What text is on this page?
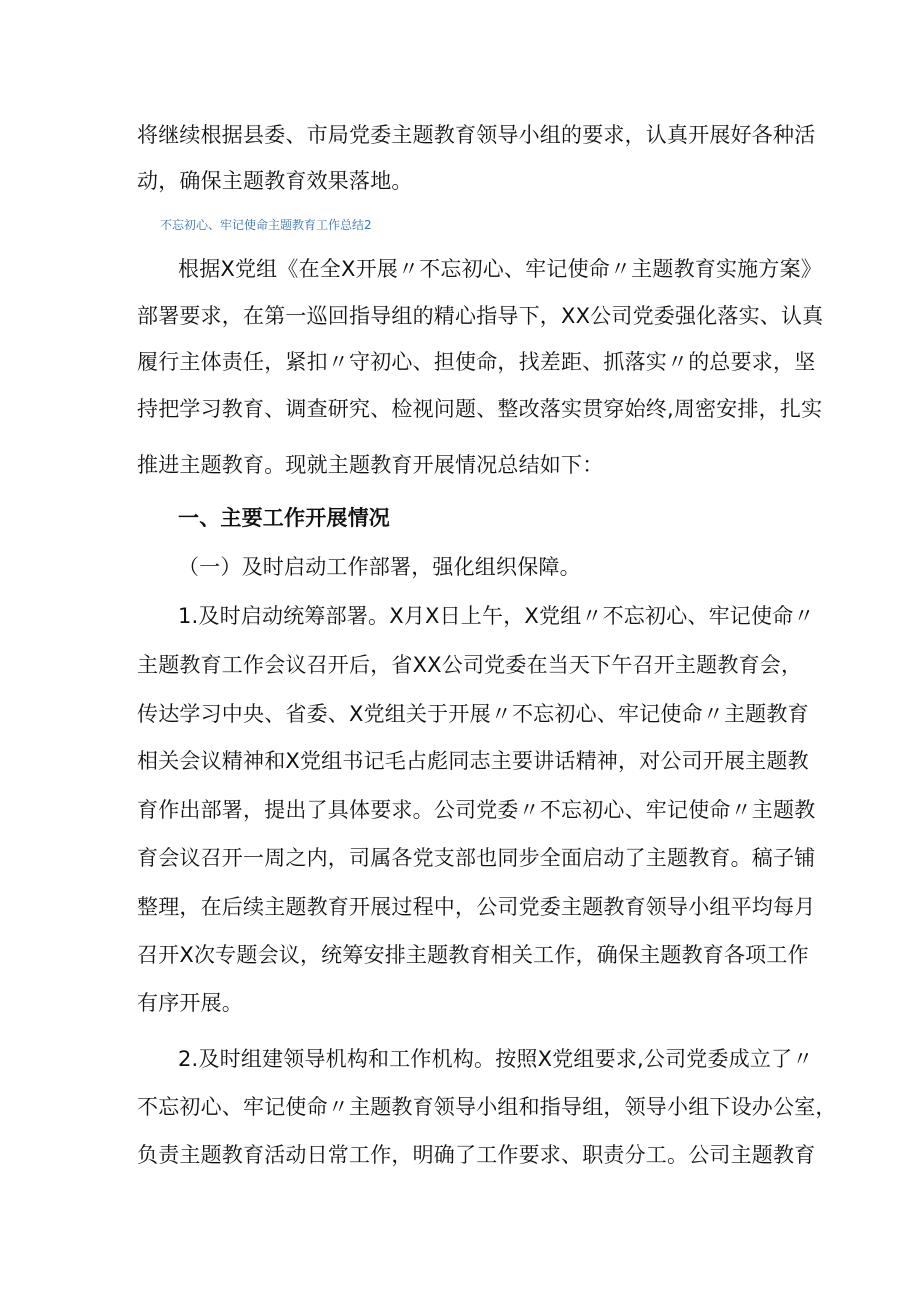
将继续根据县委、市局党委主题教育领导小组的要求，认真开展好各种活
动，确保主题教育效果落地。
不忘初心、牢记使命主题教育工作总结2
根据X党组《在全X开展〃不忘初心、牢记使命〃主题教育实施方案》
部署要求，在第一巡回指导组的精心指导下，XX公司党委强化落实、认真
履行主体责任，紧扣〃守初心、担使命，找差距、抓落实〃的总要求，坚
持把学习教育、调查研究、检视问题、整改落实贯穿始终,周密安排，扎实
推进主题教育。现就主题教育开展情况总结如下：
一、主要工作开展情况
（一）及时启动工作部署，强化组织保障。
1.及时启动统筹部署。X月X日上午，X党组〃不忘初心、牢记使命〃
主题教育工作会议召开后，省XX公司党委在当天下午召开主题教育会，
传达学习中央、省委、X党组关于开展〃不忘初心、牢记使命〃主题教育
相关会议精神和X党组书记毛占彪同志主要讲话精神，对公司开展主题教
育作出部署，提出了具体要求。公司党委〃不忘初心、牢记使命〃主题教
育会议召开一周之内，司属各党支部也同步全面启动了主题教育。稿子铺
整理，在后续主题教育开展过程中，公司党委主题教育领导小组平均每月
召开X次专题会议，统筹安排主题教育相关工作，确保主题教育各项工作
有序开展。
2.及时组建领导机构和工作机构。按照X党组要求,公司党委成立了〃
不忘初心、牢记使命〃主题教育领导小组和指导组，领导小组下设办公室，
负责主题教育活动日常工作，明确了工作要求、职责分工。公司主题教育
